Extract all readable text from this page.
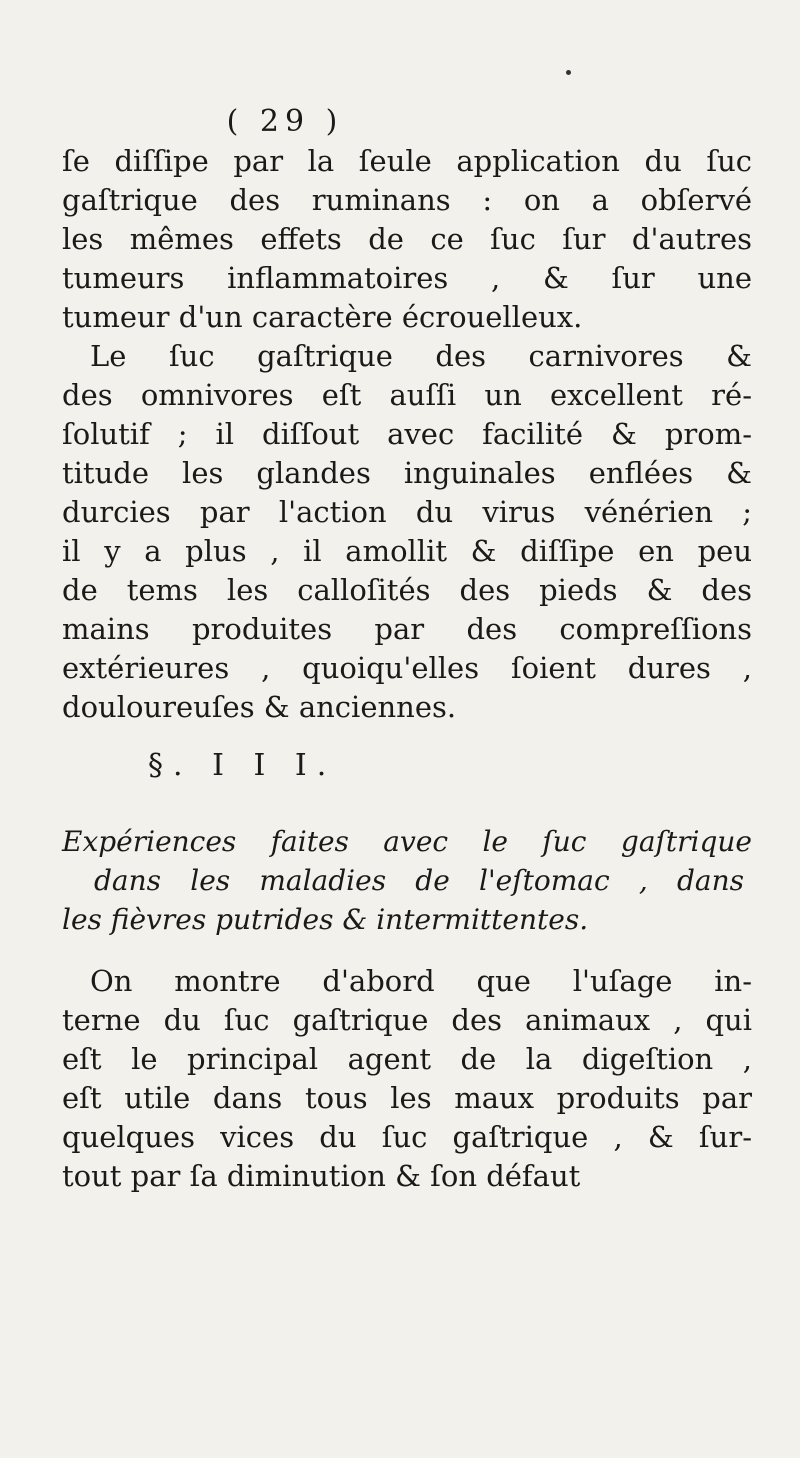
( 29 )
ſe diſſipe par la ſeule application du ſuc
gaſtrique des ruminans : on a obſervé
les mêmes effets de ce ſuc ſur d'autres
tumeurs inflammatoires , & ſur une
tumeur d'un caractère écrouelleux.
Le ſuc gaſtrique des carnivores &
des omnivores eſt auſſi un excellent ré-
ſolutif ; il diſſout avec facilité & prom-
titude les glandes inguinales enflées &
durcies par l'action du virus vénérien ;
il y a plus , il amollit & diſſipe en peu
de tems les calloſités des pieds & des
mains produites par des compreſſions
extérieures , quoiqu'elles ſoient dures ,
douloureuſes & anciennes.
§. I I I.
Expériences faites avec le ſuc gaſtrique
dans les maladies de l'eſtomac , dans
les fièvres putrides & intermittentes.
On montre d'abord que l'uſage in-
terne du ſuc gaſtrique des animaux , qui
eſt le principal agent de la digeſtion ,
eſt utile dans tous les maux produits par
quelques vices du ſuc gaſtrique , & ſur-
tout par ſa diminution & ſon défaut
